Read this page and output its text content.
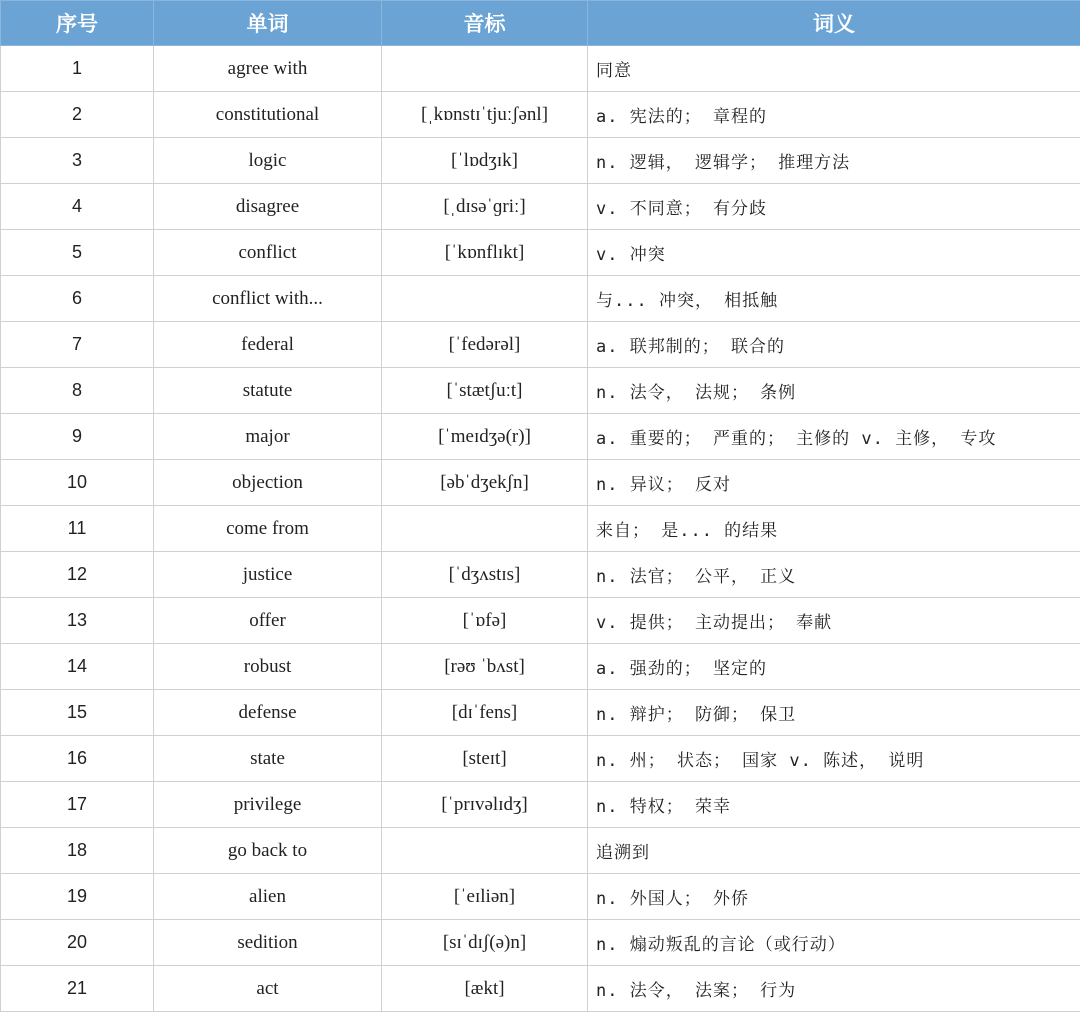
序号	单词	音标	词义
1	agree with		同意
2	constitutional	[ˌkɒnstɪˈtjuːʃənl]	a. 宪法的； 章程的
3	logic	[ˈlɒdʒɪk]	n. 逻辑， 逻辑学； 推理方法
4	disagree	[ˌdɪsəˈɡriː]	v. 不同意； 有分歧
5	conflict	[ˈkɒnflɪkt]	v. 冲突
6	conflict with...		与... 冲突， 相抵触
7	federal	[ˈfedərəl]	a. 联邦制的； 联合的
8	statute	[ˈstætʃuːt]	n. 法令， 法规； 条例
9	major	[ˈmeɪdʒə(r)]	a. 重要的； 严重的； 主修的 v. 主修， 专攻
10	objection	[əbˈdʒekʃn]	n. 异议； 反对
11	come from		来自； 是... 的结果
12	justice	[ˈdʒʌstɪs]	n. 法官； 公平， 正义
13	offer	[ˈɒfə]	v. 提供； 主动提出； 奉献
14	robust	[rəʊ ˈbʌst]	a. 强劲的； 坚定的
15	defense	[dɪˈfens]	n. 辩护； 防御； 保卫
16	state	[steɪt]	n. 州； 状态； 国家 v. 陈述， 说明
17	privilege	[ˈprɪvəlɪdʒ]	n. 特权； 荣幸
18	go back to		追溯到
19	alien	[ˈeɪliən]	n. 外国人； 外侨
20	sedition	[sɪˈdɪʃ(ə)n]	n. 煽动叛乱的言论（或行动）
21	act	[ækt]	n. 法令， 法案； 行为
